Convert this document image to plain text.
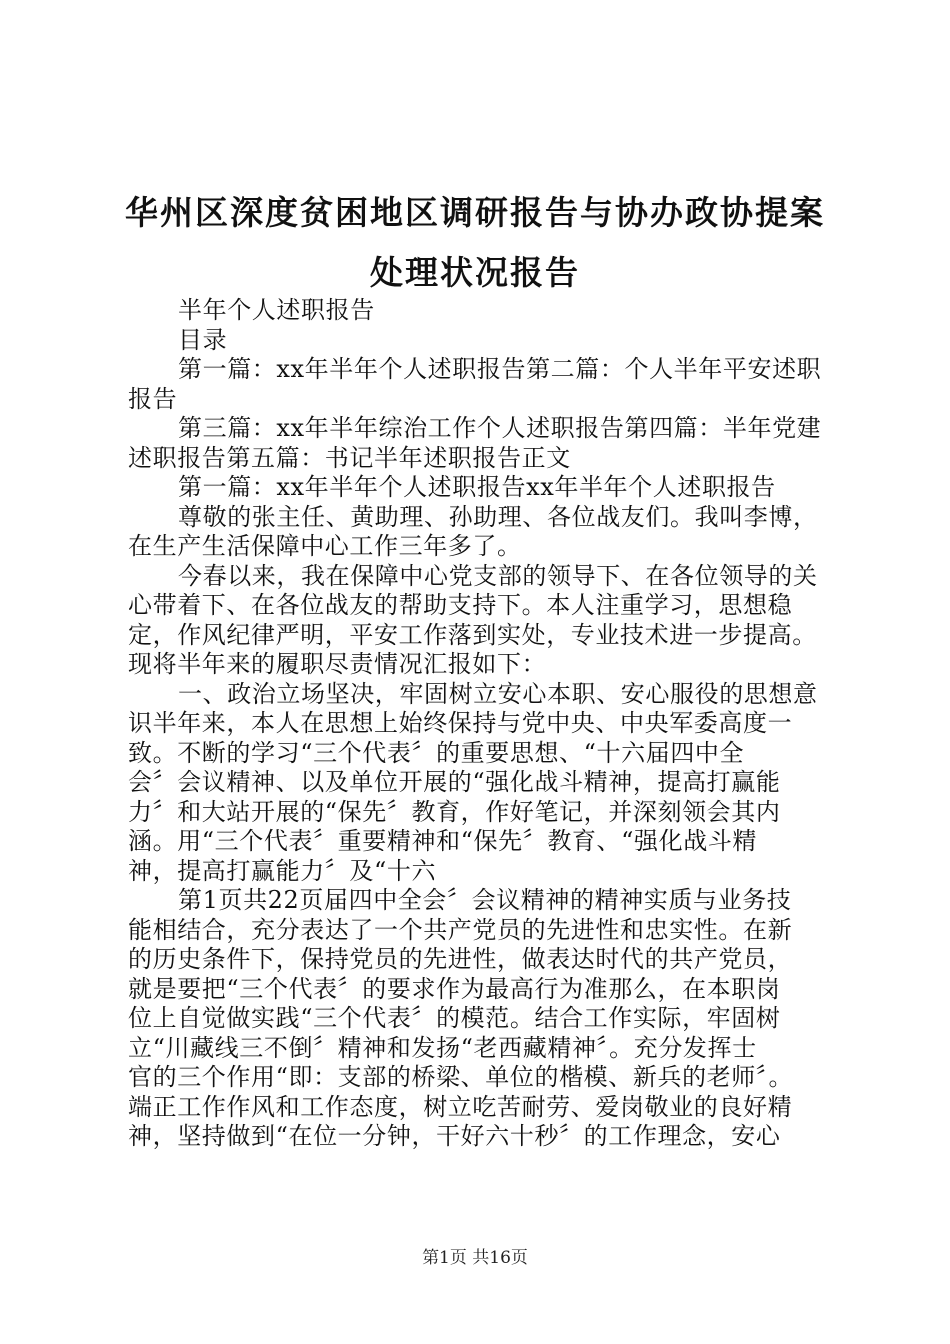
华州区深度贫困地区调研报告与协办政协提案
处理状况报告
半年个人述职报告
目录
第一篇：xx年半年个人述职报告第二篇：个人半年平安述职
报告
第三篇：xx年半年综治工作个人述职报告第四篇：半年党建
述职报告第五篇：书记半年述职报告正文
第一篇：xx年半年个人述职报告xx年半年个人述职报告
尊敬的张主任、黄助理、孙助理、各位战友们。我叫李博，
在生产生活保障中心工作三年多了。
今春以来，我在保障中心党支部的领导下、在各位领导的关
心带着下、在各位战友的帮助支持下。本人注重学习，思想稳
定，作风纪律严明，平安工作落到实处，专业技术进一步提高。
现将半年来的履职尽责情况汇报如下：
一、政治立场坚决，牢固树立安心本职、安心服役的思想意
识半年来，本人在思想上始终保持与党中央、中央军委高度一
致。不断的学习“三个代表〞的重要思想、“十六届四中全
会〞会议精神、以及单位开展的“强化战斗精神，提高打赢能
力〞和大站开展的“保先〞教育，作好笔记，并深刻领会其内
涵。用“三个代表〞重要精神和“保先〞教育、“强化战斗精
神，提高打赢能力〞及“十六
第1页共22页届四中全会〞会议精神的精神实质与业务技
能相结合，充分表达了一个共产党员的先进性和忠实性。在新
的历史条件下，保持党员的先进性，做表达时代的共产党员，
就是要把“三个代表〞的要求作为最高行为准那么，在本职岗
位上自觉做实践“三个代表〞的模范。结合工作实际，牢固树
立“川藏线三不倒〞精神和发扬“老西藏精神〞。充分发挥士
官的三个作用“即：支部的桥梁、单位的楷模、新兵的老师〞。
端正工作作风和工作态度，树立吃苦耐劳、爱岗敬业的良好精
神，坚持做到“在位一分钟，干好六十秒〞的工作理念，安心
第1页 共16页
